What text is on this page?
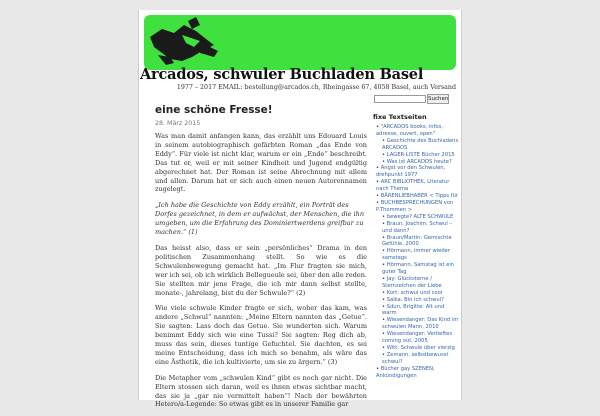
Arcados, schwuler Buchladen Basel
1977 – 2017 EMAIL: bestellung@arcados.ch, Rheingasse 67, 4058 Basel, auch Versand
Suchen
eine schöne Fresse!
28. März 2015

Was man damit anfangen kann, das erzählt uns Edouard Louis in seinem autobiographisch gefärbten Roman „das Ende von Eddy“. Für viele ist nicht klar, warum er ein „Ende“ beschreibt. Das tut er, weil er mit seiner Kindheit und Jugend endgültig abgerechnet hat. Der Roman ist seine Abrechnung mit allem und allen. Darum hat er sich auch einen neuen Autorennamen zugelegt.

„Ich habe die Geschichte von Eddy erzählt, ein Porträt des Dorfes gezeichnet, in dem er aufwächst, der Menschen, die ihn umgeben, um die Erfahrung des Dominiertwerdens greifbar zu machen.“ (1)

Das heisst also, dass er sein „persönliches“ Drama in den politischen Zusammenhang stellt. So wie es die Schwulenbewegung gemacht hat. „Im Flur fragten sie mich, wer ich sei, ob ich wirklich Bellegueule sei, über den alle reden. Sie stellten mir jene Frage, die ich mir dann selbst stellte, monate-, jahrelang, bist du der Schwule?“ (2)

Wie viele schwule Kinder fragte er sich, woher das kam, was andere „Schwul“ nannten: „Meine Eltern nannten das „Getue“. Sie sagten: Lass doch das Getue. Sie wunderten sich. Warum benimmt Eddy sich wie eine Tussi? Sie sagten: Reg dich ab, muss das sein, dieses tuntige Gefuchtel. Sie dachten, es sei meine Entscheidung, dass ich mich so benahm, als wäre das eine Ästhetik, die ich kultivierte, um sie zu ärgern.“ (3)

Die Metapher vom „schwulen Kind“ gibt es noch gar nicht. Die Eltern stossen sich daran, weil es ihnen etwas sichtbar macht, das sie ja „gar nie vermittelt haben“! Nach der bewährten Hetero/a-Legende: So etwas gibt es in unserer Familie gar

fixe Textseiten
• "ARCADOS books, infos, adresse, ouvert, open"
• Geschichte des Buchladens ARCADOS
• LAGER-LISTE Bücher 2015
• Was ist ARCADOS heute?
• Angst vor den Schwulen, drehpunkt 1977
• ARC BIBLIOTHEK, Literatur nach Thema
• BÄRENLIEBHABER < Tipps für
• BUCHBESPRECHUNGEN von P.Thommen >
• bewegte? ALTE SCHWULE
• Braun, Joachim: Schwul – und dann?
• Braun/Martin: Gemischte Gefühle, 2000
• Hörmann, immer wieder samstags
• Hörmann, Samstag ist ein guter Tag
• Jay: Glücksterne / Sternzeichen der Liebe
• Kort: schwul und cool
• Salka: Bin ich schwul?
• Sdun, Brigitte: Alt und warm
• Wiesendanger: Das Kind im schwulen Mann, 2010
• Wiesendanger: Vertieftes coming out, 2005
• Witt: Schwule über vierzig
• Zemann. selbstbewusst schwul?
• Bücher gay SZENEN, Ankündigungen
